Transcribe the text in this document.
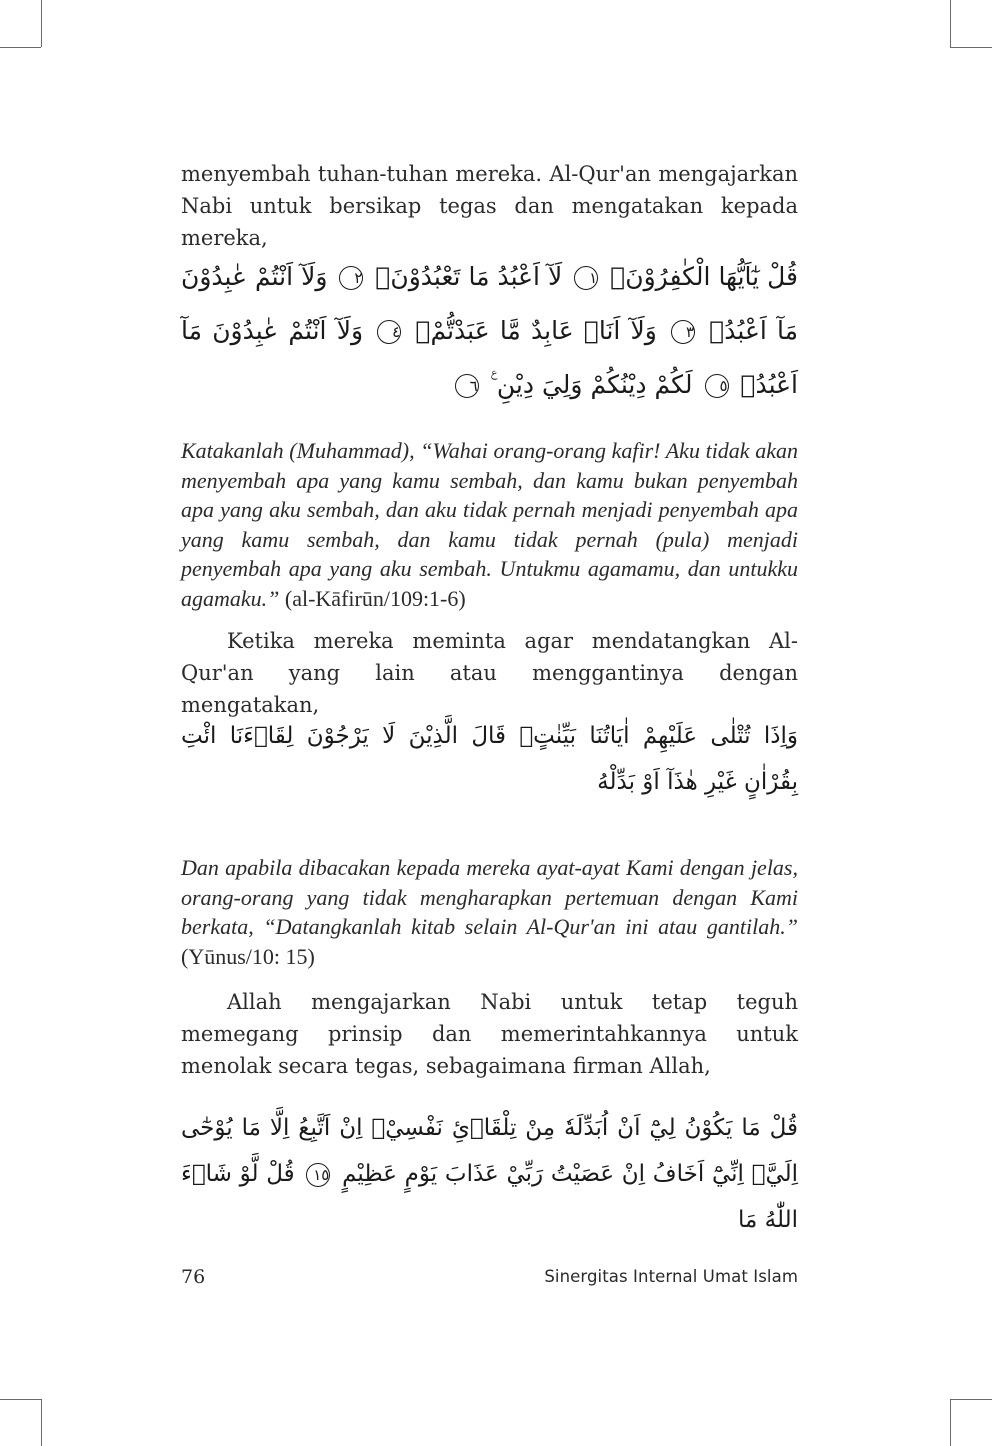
menyembah tuhan-tuhan mereka. Al-Qur'an mengajarkan Nabi untuk bersikap tegas dan mengatakan kepada mereka,

قُلْ يٰٓاَيُّهَا الْكٰفِرُوْنَۙ ١ لَآ اَعْبُدُ مَا تَعْبُدُوْنَۙ ٢ وَلَآ اَنْتُمْ عٰبِدُوْنَ مَآ اَعْبُدُۚ ٣ وَلَآ اَنَا۠ عَابِدٌ مَّا عَبَدْتُّمْۙ ٤ وَلَآ اَنْتُمْ عٰبِدُوْنَ مَآ اَعْبُدُۗ ٥ لَكُمْ دِيْنُكُمْ وَلِيَ دِيْنِ ࣖ ٦

Katakanlah (Muhammad), “Wahai orang-orang kafir! Aku tidak akan menyembah apa yang kamu sembah, dan kamu bukan penyembah apa yang aku sembah, dan aku tidak pernah menjadi penyembah apa yang kamu sembah, dan kamu tidak pernah (pula) menjadi penyembah apa yang aku sembah. Untukmu agamamu, dan untukku agamaku.” (al-Kāfirūn/109:1-6)

Ketika mereka meminta agar mendatangkan Al-Qur'an yang lain atau menggantinya dengan mengatakan,

وَاِذَا تُتْلٰى عَلَيْهِمْ اٰيَاتُنَا بَيِّنٰتٍۙ قَالَ الَّذِيْنَ لَا يَرْجُوْنَ لِقَاۤءَنَا ائْتِ بِقُرْاٰنٍ غَيْرِ هٰذَآ اَوْ بَدِّلْهُ

Dan apabila dibacakan kepada mereka ayat-ayat Kami dengan jelas, orang-orang yang tidak mengharapkan pertemuan dengan Kami berkata, “Datangkanlah kitab selain Al-Qur'an ini atau gantilah.” (Yūnus/10: 15)

Allah mengajarkan Nabi untuk tetap teguh memegang prinsip dan memerintahkannya untuk menolak secara tegas, sebagaimana firman Allah,

قُلْ مَا يَكُوْنُ لِيْٓ اَنْ اُبَدِّلَهٗ مِنْ تِلْقَاۤئِ نَفْسِيْۚ اِنْ اَتَّبِعُ اِلَّا مَا يُوْحٰٓى اِلَيَّۚ اِنِّيْٓ اَخَافُ اِنْ عَصَيْتُ رَبِّيْ عَذَابَ يَوْمٍ عَظِيْمٍ ١٥ قُلْ لَّوْ شَاۤءَ اللّٰهُ مَا
76	Sinergitas Internal Umat Islam
